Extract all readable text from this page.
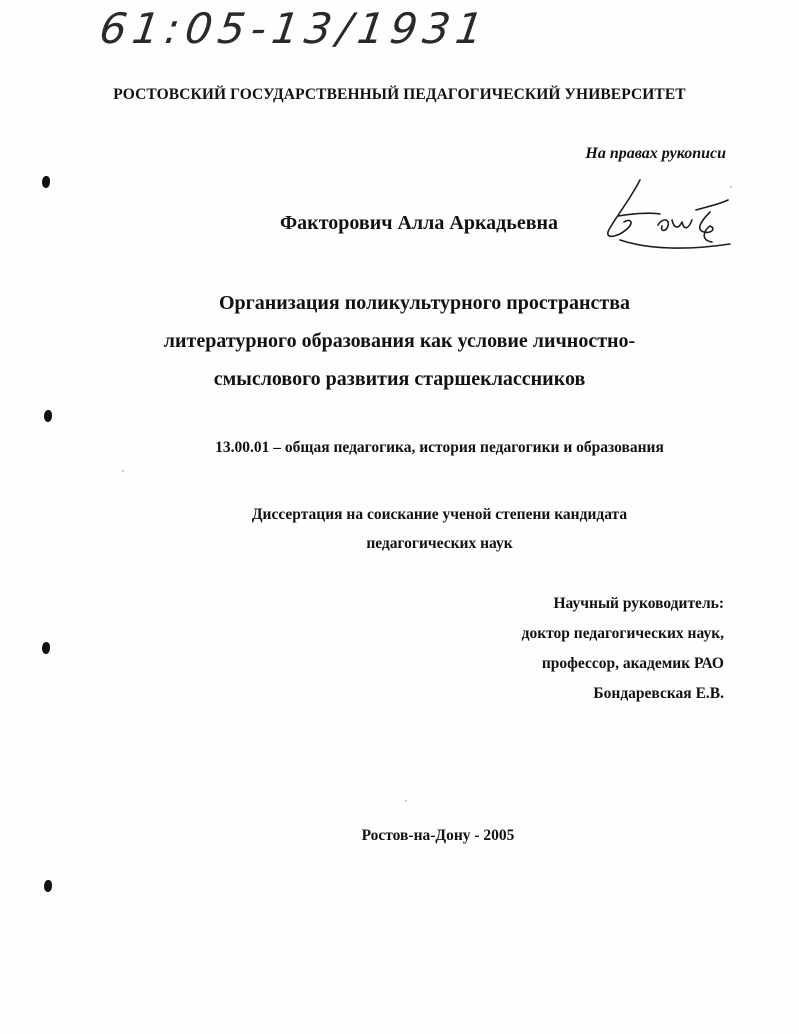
61:05-13/1931
РОСТОВСКИЙ ГОСУДАРСТВЕННЫЙ ПЕДАГОГИЧЕСКИЙ УНИВЕРСИТЕТ
На правах рукописи
Факторович Алла Аркадьевна
Организация поликультурного пространства
литературного образования как условие личностно-
смыслового развития старшеклассников
13.00.01 – общая педагогика, история педагогики и образования
Диссертация на соискание ученой степени кандидата
педагогических наук
Научный руководитель:
доктор педагогических наук,
профессор, академик РАО
Бондаревская Е.В.
Ростов-на-Дону - 2005
